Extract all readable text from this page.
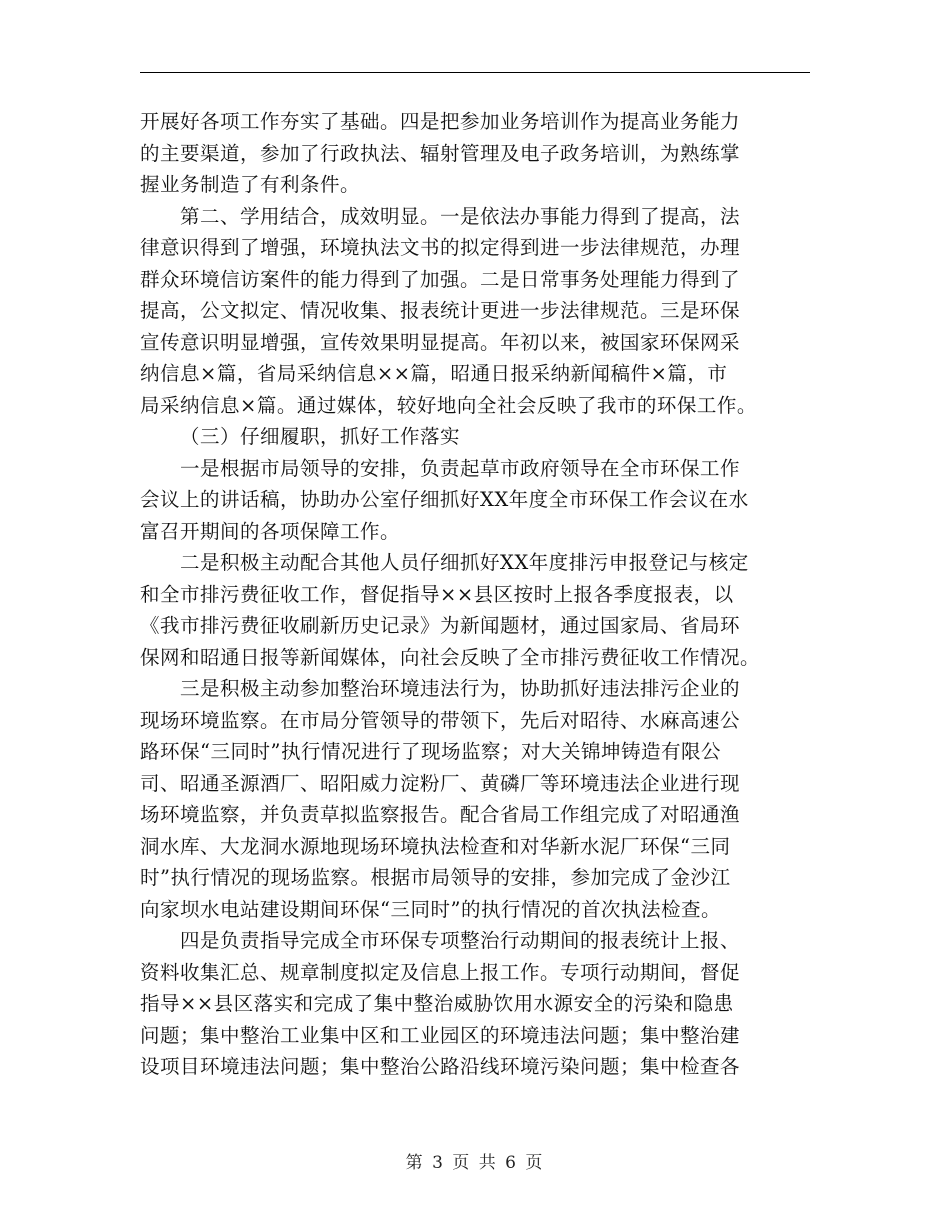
开展好各项工作夯实了基础。四是把参加业务培训作为提高业务能力
的主要渠道，参加了行政执法、辐射管理及电子政务培训，为熟练掌
握业务制造了有利条件。
第二、学用结合，成效明显。一是依法办事能力得到了提高，法
律意识得到了增强，环境执法文书的拟定得到进一步法律规范，办理
群众环境信访案件的能力得到了加强。二是日常事务处理能力得到了
提高，公文拟定、情况收集、报表统计更进一步法律规范。三是环保
宣传意识明显增强，宣传效果明显提高。年初以来，被国家环保网采
纳信息×篇，省局采纳信息××篇，昭通日报采纳新闻稿件×篇，市
局采纳信息×篇。通过媒体，较好地向全社会反映了我市的环保工作。
（三）仔细履职，抓好工作落实
一是根据市局领导的安排，负责起草市政府领导在全市环保工作
会议上的讲话稿，协助办公室仔细抓好XX年度全市环保工作会议在水
富召开期间的各项保障工作。
二是积极主动配合其他人员仔细抓好XX年度排污申报登记与核定
和全市排污费征收工作，督促指导××县区按时上报各季度报表，以
《我市排污费征收刷新历史记录》为新闻题材，通过国家局、省局环
保网和昭通日报等新闻媒体，向社会反映了全市排污费征收工作情况。
三是积极主动参加整治环境违法行为，协助抓好违法排污企业的
现场环境监察。在市局分管领导的带领下，先后对昭待、水麻高速公
路环保“三同时”执行情况进行了现场监察；对大关锦坤铸造有限公
司、昭通圣源酒厂、昭阳威力淀粉厂、黄磷厂等环境违法企业进行现
场环境监察，并负责草拟监察报告。配合省局工作组完成了对昭通渔
洞水库、大龙洞水源地现场环境执法检查和对华新水泥厂环保“三同
时”执行情况的现场监察。根据市局领导的安排，参加完成了金沙江
向家坝水电站建设期间环保“三同时”的执行情况的首次执法检查。
四是负责指导完成全市环保专项整治行动期间的报表统计上报、
资料收集汇总、规章制度拟定及信息上报工作。专项行动期间，督促
指导××县区落实和完成了集中整治威胁饮用水源安全的污染和隐患
问题；集中整治工业集中区和工业园区的环境违法问题；集中整治建
设项目环境违法问题；集中整治公路沿线环境污染问题；集中检查各
第 3 页 共 6 页
